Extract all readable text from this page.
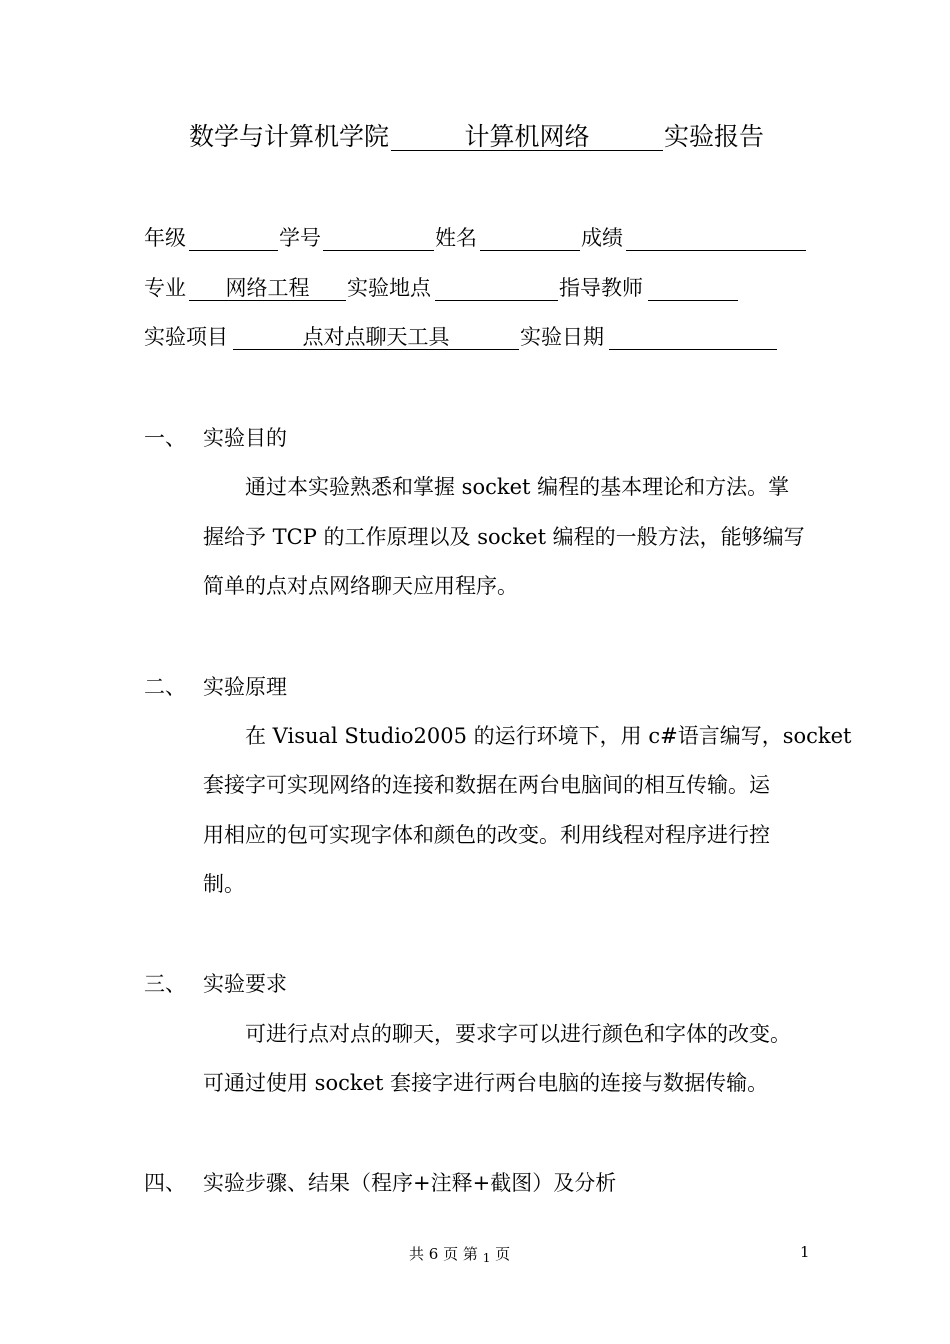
数学与计算机学院	计算机网络	实验报告
年级	学号	姓名	成绩
专业	网络工程	实验地点	指导教师
实验项目	点对点聊天工具	实验日期
一、 实验目的
通过本实验熟悉和掌握 socket 编程的基本理论和方法。掌
握给予 TCP 的工作原理以及 socket 编程的一般方法，能够编写
简单的点对点网络聊天应用程序。
二、 实验原理
在 Visual Studio2005 的运行环境下，用 c#语言编写，socket
套接字可实现网络的连接和数据在两台电脑间的相互传输。运
用相应的包可实现字体和颜色的改变。利用线程对程序进行控
制。
三、 实验要求
可进行点对点的聊天，要求字可以进行颜色和字体的改变。
可通过使用 socket 套接字进行两台电脑的连接与数据传输。
四、 实验步骤、结果（程序+注释+截图）及分析
共 6 页 第 $_1$ 页	1
